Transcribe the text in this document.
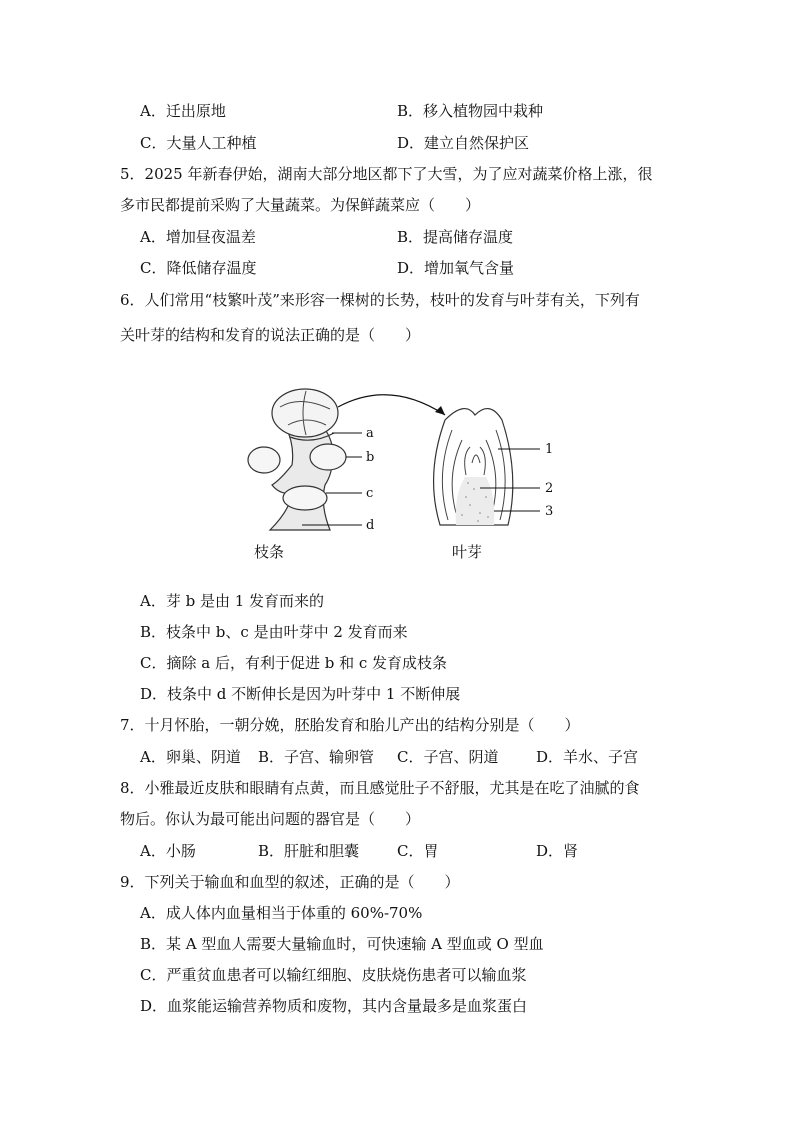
A．迁出原地	B．移入植物园中栽种
C．大量人工种植	D．建立自然保护区
5．2025 年新春伊始，湖南大部分地区都下了大雪，为了应对蔬菜价格上涨，很
多市民都提前采购了大量蔬菜。为保鲜蔬菜应（　　）
A．增加昼夜温差	B．提高储存温度
C．降低储存温度	D．增加氧气含量
6．人们常用“枝繁叶茂”来形容一棵树的长势，枝叶的发育与叶芽有关，下列有
关叶芽的结构和发育的说法正确的是（　　）
a
b
c
d
枝条
1
2
3
叶芽
A．芽 b 是由 1 发育而来的
B．枝条中 b、c 是由叶芽中 2 发育而来
C．摘除 a 后，有利于促进 b 和 c 发育成枝条
D．枝条中 d 不断伸长是因为叶芽中 1 不断伸展
7．十月怀胎，一朝分娩，胚胎发育和胎儿产出的结构分别是（　　）
A．卵巢、阴道 B．子宫、输卵管 C．子宫、阴道	D．羊水、子宫
8．小雅最近皮肤和眼睛有点黄，而且感觉肚子不舒服，尤其是在吃了油腻的食
物后。你认为最可能出问题的器官是（　　）
A．小肠	B．肝脏和胆囊	C．胃	D．肾
9．下列关于输血和血型的叙述，正确的是（　　）
A．成人体内血量相当于体重的 60%-70%
B．某 A 型血人需要大量输血时，可快速输 A 型血或 O 型血
C．严重贫血患者可以输红细胞、皮肤烧伤患者可以输血浆
D．血浆能运输营养物质和废物，其内含量最多是血浆蛋白
